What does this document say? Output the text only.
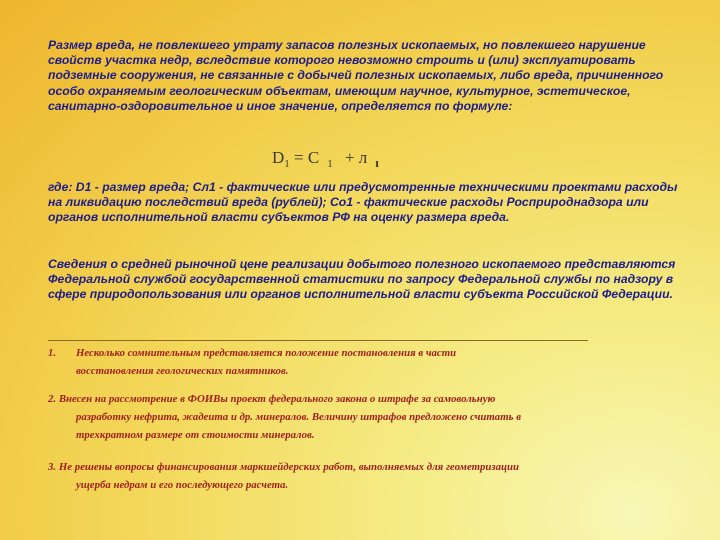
Размер вреда, не повлекшего утрату запасов полезных ископаемых, но повлекшего нарушение свойств участка недр, вследствие которого невозможно строить и (или) эксплуатировать подземные сооружения, не связанные с добычей полезных ископаемых, либо вреда, причиненного особо охраняемым геологическим объектам, имеющим научное, культурное, эстетическое, санитарно-оздоровительное и иное значение, определяется по формуле:

$D_1 = C$ $_1$ + л $_ı$

где: D1 - размер вреда; Сл1 - фактические или предусмотренные техническими проектами расходы на ликвидацию последствий вреда (рублей); Со1 - фактические расходы Росприроднадзора или органов исполнительной власти субъектов РФ на оценку размера вреда.

Сведения о средней рыночной цене реализации добытого полезного ископаемого представляются Федеральной службой государственной статистики по запросу Федеральной службы по надзору в сфере природопользования или органов исполнительной власти субъекта Российской Федерации.

1. Несколько сомнительным представляется положение постановления в части
восстановления геологических памятников.

2. Внесен на рассмотрение в ФОИВы проект федерального закона о штрафе за самовольную
разработку нефрита, жадеита и др. минералов. Величину штрафов предложено считать в
трехкратном размере от стоимости минералов.

3. Не решены вопросы финансирования маркшейдерских работ, выполняемых для геометризации
ущерба недрам и его последующего расчета.
